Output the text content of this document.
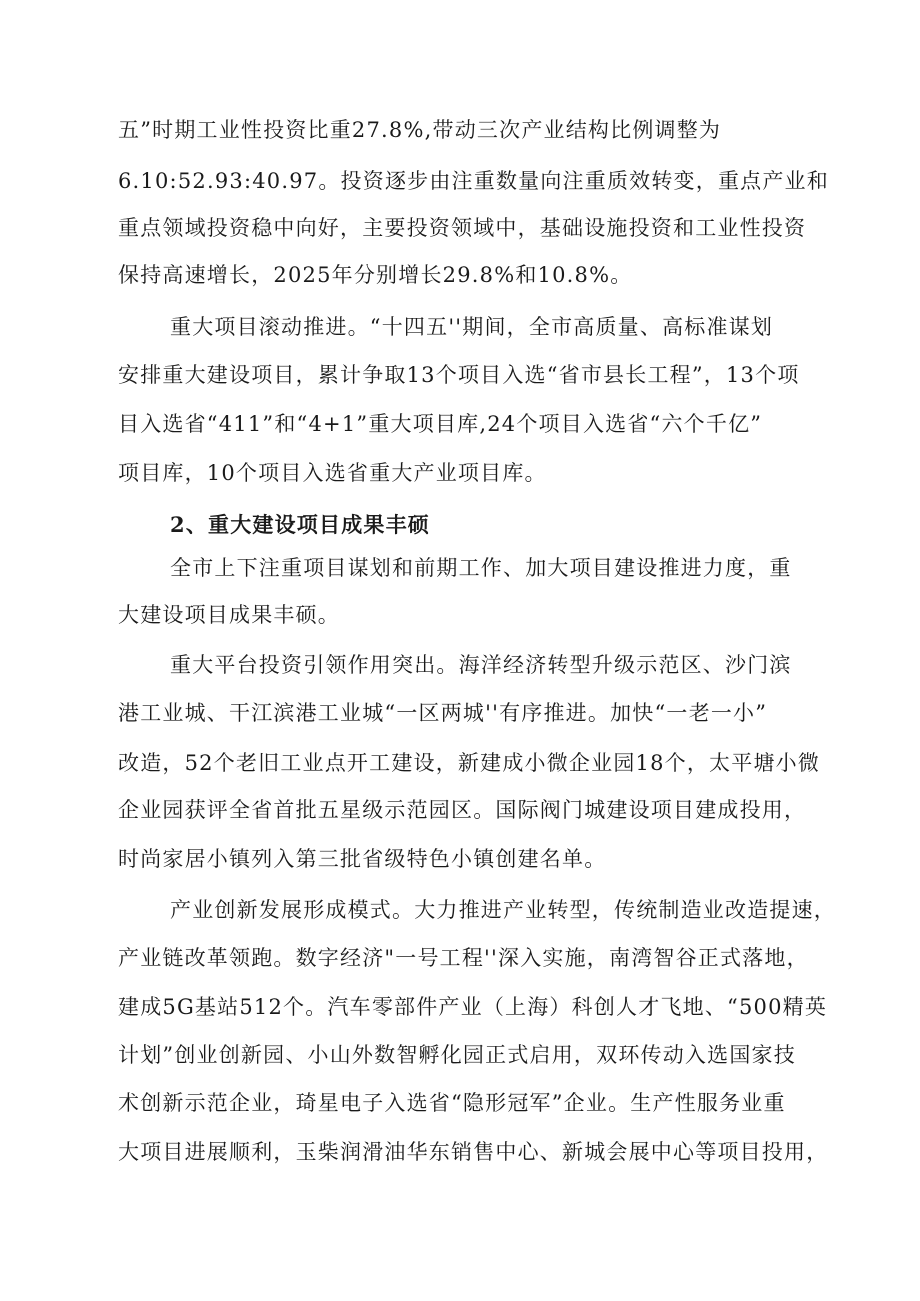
五”时期工业性投资比重27.8%,带动三次产业结构比例调整为
6.10:52.93:40.97。投资逐步由注重数量向注重质效转变，重点产业和
重点领域投资稳中向好，主要投资领域中，基础设施投资和工业性投资
保持高速增长，2025年分别增长29.8%和10.8%。
重大项目滚动推进。“十四五''期间，全市高质量、高标准谋划
安排重大建设项目，累计争取13个项目入选“省市县长工程”，13个项
目入选省“411”和“4+1”重大项目库,24个项目入选省“六个千亿”
项目库，10个项目入选省重大产业项目库。
2、重大建设项目成果丰硕
全市上下注重项目谋划和前期工作、加大项目建设推进力度，重
大建设项目成果丰硕。
重大平台投资引领作用突出。海洋经济转型升级示范区、沙门滨
港工业城、干江滨港工业城“一区两城''有序推进。加快“一老一小”
改造，52个老旧工业点开工建设，新建成小微企业园18个，太平塘小微
企业园获评全省首批五星级示范园区。国际阀门城建设项目建成投用，
时尚家居小镇列入第三批省级特色小镇创建名单。
产业创新发展形成模式。大力推进产业转型，传统制造业改造提速，
产业链改革领跑。数字经济"一号工程''深入实施，南湾智谷正式落地，
建成5G基站512个。汽车零部件产业（上海）科创人才飞地、“500精英
计划”创业创新园、小山外数智孵化园正式启用，双环传动入选国家技
术创新示范企业，琦星电子入选省“隐形冠军”企业。生产性服务业重
大项目进展顺利，玉柴润滑油华东销售中心、新城会展中心等项目投用，
